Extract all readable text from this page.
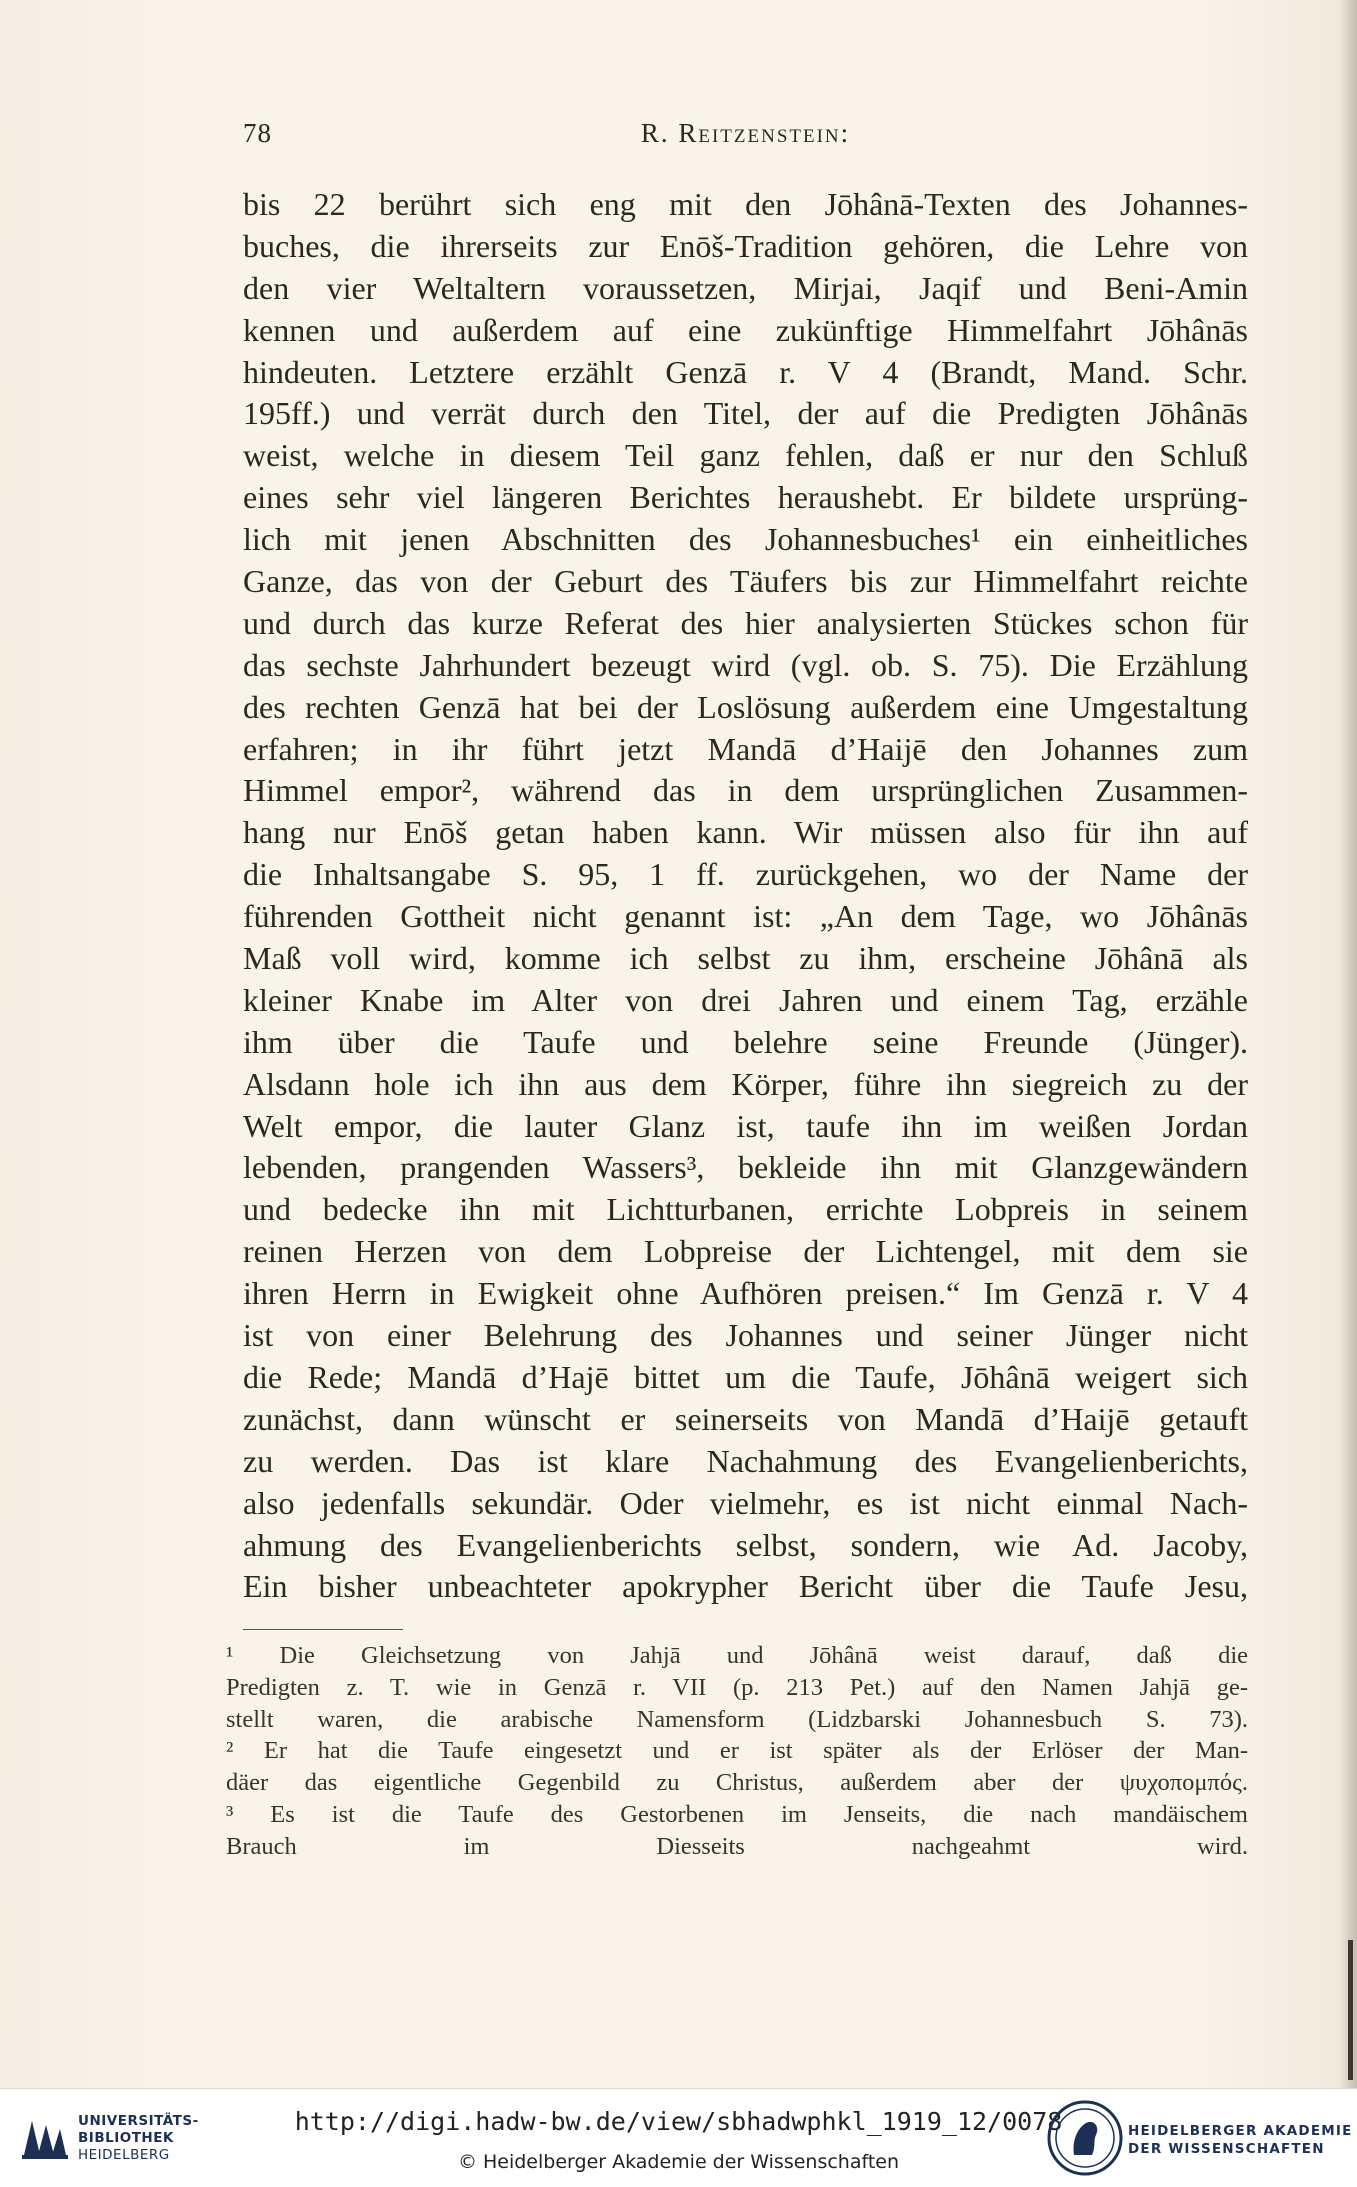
78	R. Reitzenstein:
bis 22 berührt sich eng mit den Jōhânā-Texten des Johannes-
buches, die ihrerseits zur Enōš-Tradition gehören, die Lehre von
den vier Weltaltern voraussetzen, Mirjai, Jaqif und Beni-Amin
kennen und außerdem auf eine zukünftige Himmelfahrt Jōhânās
hindeuten. Letztere erzählt Genzā r. V 4 (Brandt, Mand. Schr.
195ff.) und verrät durch den Titel, der auf die Predigten Jōhânās
weist, welche in diesem Teil ganz fehlen, daß er nur den Schluß
eines sehr viel längeren Berichtes heraushebt. Er bildete ursprüng-
lich mit jenen Abschnitten des Johannesbuches¹ ein einheitliches
Ganze, das von der Geburt des Täufers bis zur Himmelfahrt reichte
und durch das kurze Referat des hier analysierten Stückes schon für
das sechste Jahrhundert bezeugt wird (vgl. ob. S. 75). Die Erzählung
des rechten Genzā hat bei der Loslösung außerdem eine Umgestaltung
erfahren; in ihr führt jetzt Mandā d’Haijē den Johannes zum
Himmel empor², während das in dem ursprünglichen Zusammen-
hang nur Enōš getan haben kann. Wir müssen also für ihn auf
die Inhaltsangabe S. 95, 1 ff. zurückgehen, wo der Name der
führenden Gottheit nicht genannt ist: „An dem Tage, wo Jōhânās
Maß voll wird, komme ich selbst zu ihm, erscheine Jōhânā als
kleiner Knabe im Alter von drei Jahren und einem Tag, erzähle
ihm über die Taufe und belehre seine Freunde (Jünger).
Alsdann hole ich ihn aus dem Körper, führe ihn siegreich zu der
Welt empor, die lauter Glanz ist, taufe ihn im weißen Jordan
lebenden, prangenden Wassers³, bekleide ihn mit Glanzgewändern
und bedecke ihn mit Lichtturbanen, errichte Lobpreis in seinem
reinen Herzen von dem Lobpreise der Lichtengel, mit dem sie
ihren Herrn in Ewigkeit ohne Aufhören preisen.“ Im Genzā r. V 4
ist von einer Belehrung des Johannes und seiner Jünger nicht
die Rede; Mandā d’Hajē bittet um die Taufe, Jōhânā weigert sich
zunächst, dann wünscht er seinerseits von Mandā d’Haijē getauft
zu werden. Das ist klare Nachahmung des Evangelienberichts,
also jedenfalls sekundär. Oder vielmehr, es ist nicht einmal Nach-
ahmung des Evangelienberichts selbst, sondern, wie Ad. Jacoby,
Ein bisher unbeachteter apokrypher Bericht über die Taufe Jesu,
¹ Die Gleichsetzung von Jahjā und Jōhânā weist darauf, daß die
Predigten z. T. wie in Genzā r. VII (p. 213 Pet.) auf den Namen Jahjā ge-
stellt waren, die arabische Namensform (Lidzbarski Johannesbuch S. 73).
² Er hat die Taufe eingesetzt und er ist später als der Erlöser der Man-
däer das eigentliche Gegenbild zu Christus, außerdem aber der ψυχοπομπός.
³ Es ist die Taufe des Gestorbenen im Jenseits, die nach mandäischem
Brauch im Diesseits nachgeahmt wird.
UNIVERSITÄTS-
BIBLIOTHEK
HEIDELBERG
http://digi.hadw-bw.de/view/sbhadwphkl_1919_12/0078
© Heidelberger Akademie der Wissenschaften
HEIDELBERGER AKADEMIE
DER WISSENSCHAFTEN
